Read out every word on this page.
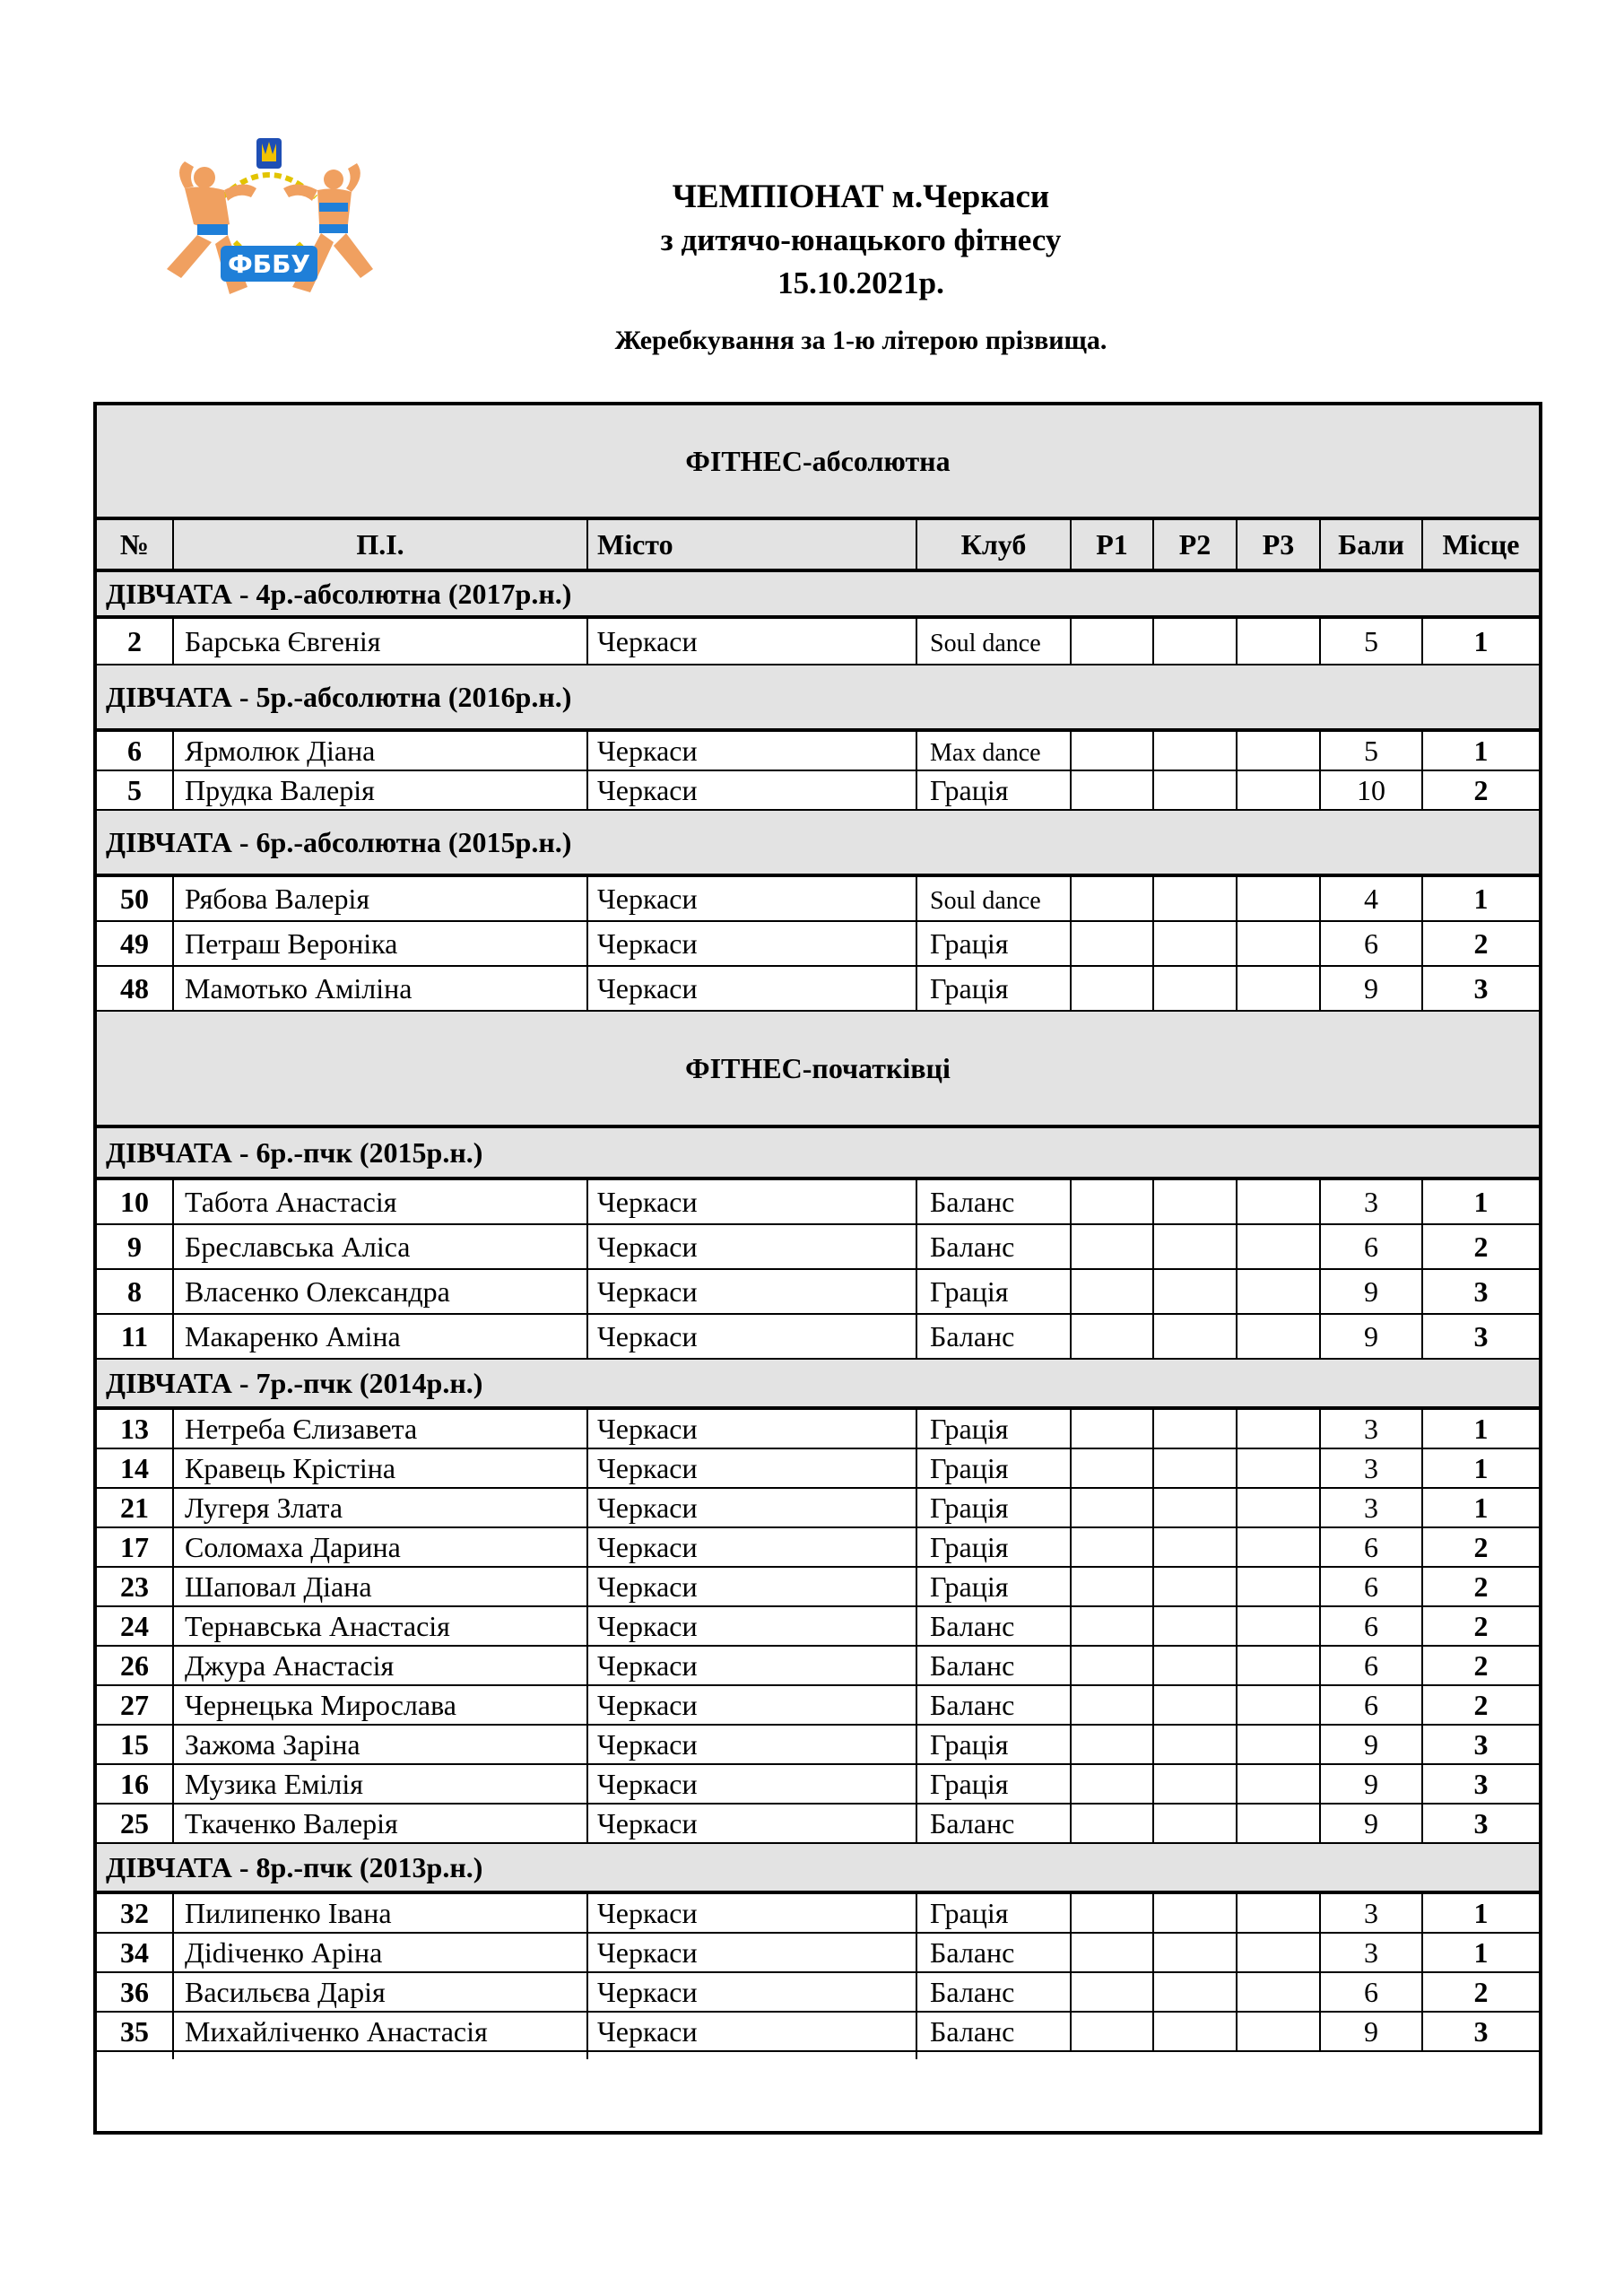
ФББУ
ЧЕМПІОНАТ м.Черкаси
з дитячо-юнацького фітнесу
15.10.2021р.
Жеребкування за 1-ю літерою прізвища.
ФІТНЕС-абсолютна
№	П.І.	Місто	Клуб Р1 Р2 Р3 Бали Місце
ДІВЧАТА - 4р.-абсолютна (2017р.н.)
2 Барська Євгенія	Черкаси	Soul dance	5	1
ДІВЧАТА - 5р.-абсолютна (2016р.н.)
6 Ярмолюк Діана	Черкаси	Max dance	5	1
5 Прудка Валерія	Черкаси	Грація	10	2
ДІВЧАТА - 6р.-абсолютна (2015р.н.)
50 Рябова Валерія	Черкаси	Soul dance	4	1
49 Петраш Вероніка	Черкаси	Грація	6	2
48 Мамотько Аміліна	Черкаси	Грація	9	3
ФІТНЕС-початківці
ДІВЧАТА - 6р.-пчк (2015р.н.)
10 Табота Анастасія	Черкаси	Баланс	3	1
9 Бреславська Аліса	Черкаси	Баланс	6	2
8 Власенко Олександра	Черкаси	Грація	9	3
11 Макаренко Аміна	Черкаси	Баланс	9	3
ДІВЧАТА - 7р.-пчк (2014р.н.)
13 Нетреба Єлизавета	Черкаси	Грація	3	1
14 Кравець Крістіна	Черкаси	Грація	3	1
21 Лугеря Злата	Черкаси	Грація	3	1
17 Соломаха Дарина	Черкаси	Грація	6	2
23 Шаповал Діана	Черкаси	Грація	6	2
24 Тернавська Анастасія	Черкаси	Баланс	6	2
26 Джура Анастасія	Черкаси	Баланс	6	2
27 Чернецька Мирослава	Черкаси	Баланс	6	2
15 Зажома Заріна	Черкаси	Грація	9	3
16 Музика Емілія	Черкаси	Грація	9	3
25 Ткаченко Валерія	Черкаси	Баланс	9	3
ДІВЧАТА - 8р.-пчк (2013р.н.)
32 Пилипенко Івана	Черкаси	Грація	3	1
34 Діdіченко Аріна	Черкаси	Баланс	3	1
36 Васильєва Дарія	Черкаси	Баланс	6	2
35 Михайліченко Анастасія	Черкаси	Баланс	9	3
